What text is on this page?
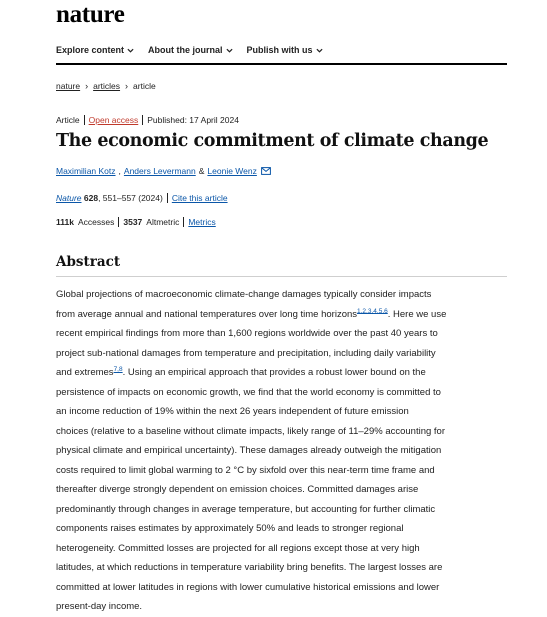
nature
Explore content	About the journal	Publish with us
nature › articles › article
Article Open access Published: 17 April 2024
The economic commitment of climate change
Maximilian Kotz , Anders Levermann & Leonie Wenz
Nature 628, 551–557 (2024) Cite this article
111k Accesses 3537 Altmetric Metrics
Abstract
Global projections of macroeconomic climate-change damages typically consider impacts
from average annual and national temperatures over long time horizons$^{1,2,3,4,5,6}$. Here we use
recent empirical findings from more than 1,600 regions worldwide over the past 40 years to
project sub-national damages from temperature and precipitation, including daily variability
and extremes$^{7,8}$. Using an empirical approach that provides a robust lower bound on the
persistence of impacts on economic growth, we find that the world economy is committed to
an income reduction of 19% within the next 26 years independent of future emission
choices (relative to a baseline without climate impacts, likely range of 11–29% accounting for
physical climate and empirical uncertainty). These damages already outweigh the mitigation
costs required to limit global warming to 2 °C by sixfold over this near-term time frame and
thereafter diverge strongly dependent on emission choices. Committed damages arise
predominantly through changes in average temperature, but accounting for further climatic
components raises estimates by approximately 50% and leads to stronger regional
heterogeneity. Committed losses are projected for all regions except those at very high
latitudes, at which reductions in temperature variability bring benefits. The largest losses are
committed at lower latitudes in regions with lower cumulative historical emissions and lower
present-day income.
